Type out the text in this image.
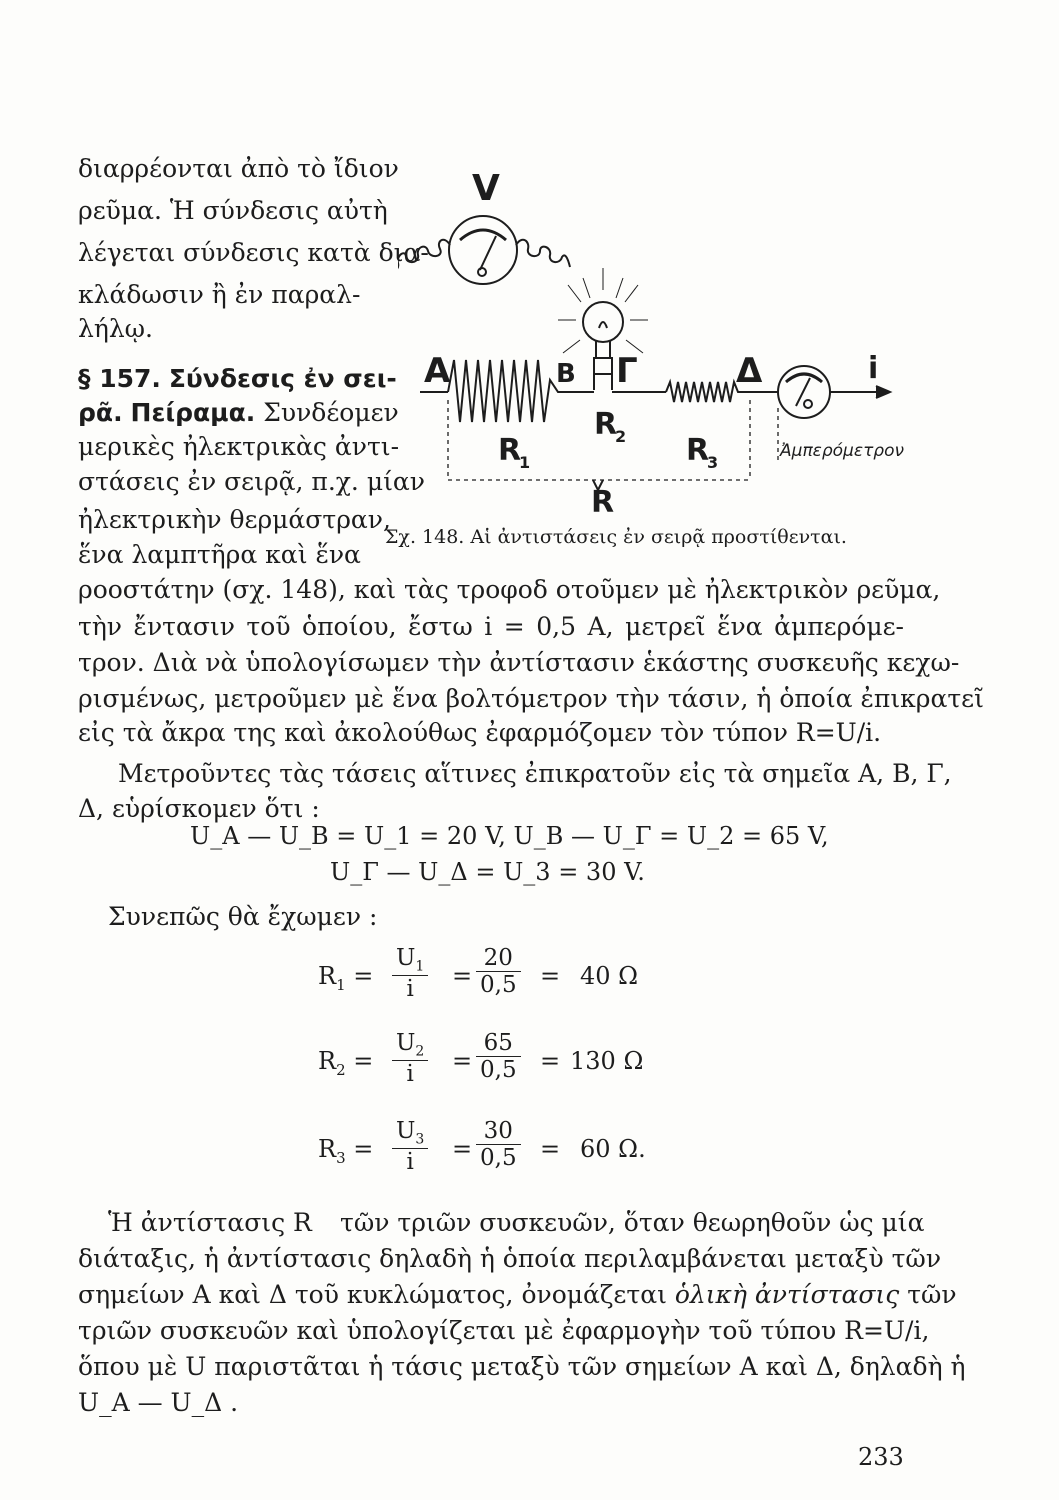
διαρρέονται ἀπὸ τὸ ἴδιον
ρεῦμα. Ἡ σύνδεσις αὐτὴ
λέγεται σύνδεσις κατὰ δια-
κλάδωσιν ἢ ἐν παραλ-
λήλῳ.
§ 157. Σύνδεσις ἐν σει-
ρᾶ. Πείραμα. Συνδέομεν
μερικὲς ἠλεκτρικὰς ἀντι-
στάσεις ἐν σειρᾷ, π.χ. μίαν
ἠλεκτρικὴν θερμάστραν,
ἕνα λαμπτῆρα καὶ ἕνα
V
A	B Γ	Δ	i
R
1
R
2 R
3
R
Ἀμπερόμετρον
Σχ. 148. Αἱ ἀντιστάσεις ἐν σειρᾷ προστίθενται.
ροοστάτην (σχ. 148), καὶ τὰς τροφοδ οτοῦμεν μὲ ἠλεκτρικὸν ρεῦμα,
τὴν ἔντασιν τοῦ ὁποίου, ἔστω i = 0,5 A, μετρεῖ ἕνα ἀμπερόμε-
τρον. Διὰ νὰ ὑπολογίσωμεν τὴν ἀντίστασιν ἑκάστης συσκευῆς κεχω-
ρισμένως, μετροῦμεν μὲ ἕνα βολτόμετρον τὴν τάσιν, ἡ ὁποία ἐπικρατεῖ
εἰς τὰ ἄκρα της καὶ ἀκολούθως ἐφαρμόζομεν τὸν τύπον R=U/i.
Μετροῦντες τὰς τάσεις αἵτινες ἐπικρατοῦν εἰς τὰ σημεῖα A, B, Γ,
Δ, εὑρίσκομεν ὅτι :
U_A — U_B = U_1 = 20 V, U_B — U_Γ = U_2 = 65 V,
U_Γ — U_Δ = U_3 = 30 V.
Συνεπῶς θὰ ἔχωμεν :
$R_1 = \frac{U_1}{i} = \frac{20}{0,5} = 40$ Ω
$R_2 = \frac{U_2}{i} = \frac{65}{0,5} = 130$ Ω
$R_3 = \frac{U_3}{i} = \frac{30}{0,5} = 60$ Ω.
Ἡ ἀντίστασις R τῶν τριῶν συσκευῶν, ὅταν θεωρηθοῦν ὡς μία
διάταξις, ἡ ἀντίστασις δηλαδὴ ἡ ὁποία περιλαμβάνεται μεταξὺ τῶν
σημείων A καὶ Δ τοῦ κυκλώματος, ὀνομάζεται ὁλικὴ ἀντίστασις τῶν
τριῶν συσκευῶν καὶ ὑπολογίζεται μὲ ἐφαρμογὴν τοῦ τύπου R=U/i,
ὅπου μὲ U παριστᾶται ἡ τάσις μεταξὺ τῶν σημείων A καὶ Δ, δηλαδὴ ἡ
U_A — U_Δ .
233
